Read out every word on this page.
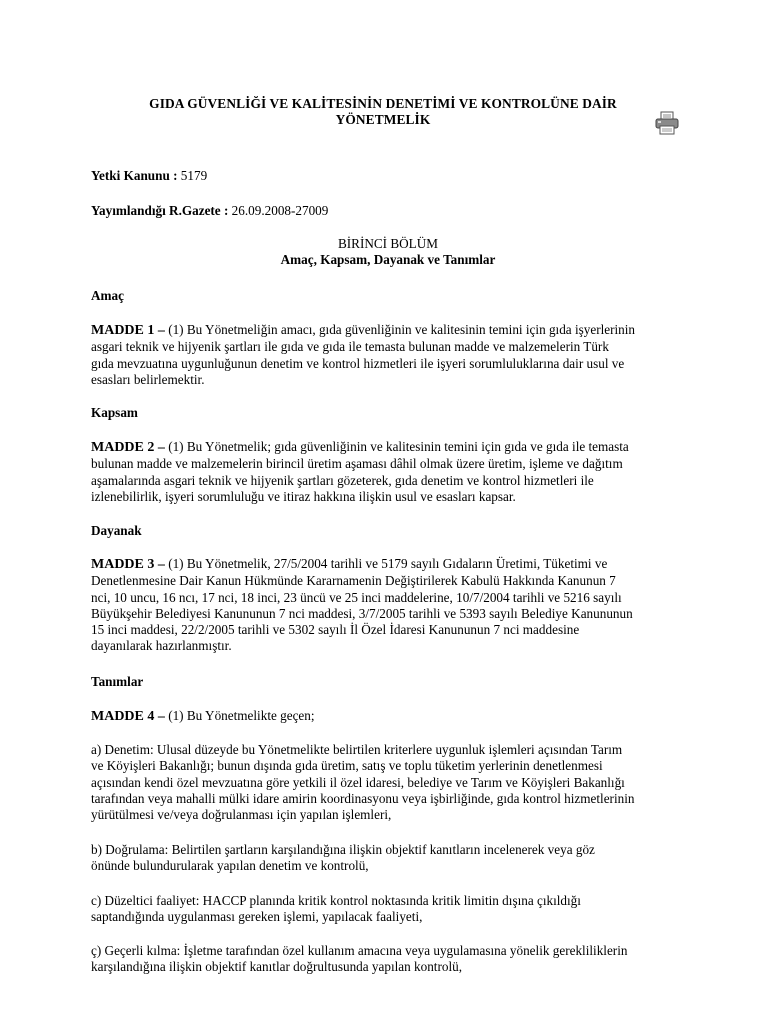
GIDA GÜVENLİĞİ VE KALİTESİNİN DENETİMİ VE KONTROLÜNE DAİR
YÖNETMELİK
Yetki Kanunu : 5179
Yayımlandığı R.Gazete : 26.09.2008-27009
BİRİNCİ BÖLÜM
Amaç, Kapsam, Dayanak ve Tanımlar
Amaç
MADDE 1 – (1) Bu Yönetmeliğin amacı, gıda güvenliğinin ve kalitesinin temini için gıda işyerlerinin
asgari teknik ve hijyenik şartları ile gıda ve gıda ile temasta bulunan madde ve malzemelerin Türk
gıda mevzuatına uygunluğunun denetim ve kontrol hizmetleri ile işyeri sorumluluklarına dair usul ve
esasları belirlemektir.
Kapsam
MADDE 2 – (1) Bu Yönetmelik; gıda güvenliğinin ve kalitesinin temini için gıda ve gıda ile temasta
bulunan madde ve malzemelerin birincil üretim aşaması dâhil olmak üzere üretim, işleme ve dağıtım
aşamalarında asgari teknik ve hijyenik şartları gözeterek, gıda denetim ve kontrol hizmetleri ile
izlenebilirlik, işyeri sorumluluğu ve itiraz hakkına ilişkin usul ve esasları kapsar.
Dayanak
MADDE 3 – (1) Bu Yönetmelik, 27/5/2004 tarihli ve 5179 sayılı Gıdaların Üretimi, Tüketimi ve
Denetlenmesine Dair Kanun Hükmünde Kararnamenin Değiştirilerek Kabulü Hakkında Kanunun 7
nci, 10 uncu, 16 ncı, 17 nci, 18 inci, 23 üncü ve 25 inci maddelerine, 10/7/2004 tarihli ve 5216 sayılı
Büyükşehir Belediyesi Kanununun 7 nci maddesi, 3/7/2005 tarihli ve 5393 sayılı Belediye Kanununun
15 inci maddesi, 22/2/2005 tarihli ve 5302 sayılı İl Özel İdaresi Kanununun 7 nci maddesine
dayanılarak hazırlanmıştır.
Tanımlar
MADDE 4 – (1) Bu Yönetmelikte geçen;
a) Denetim: Ulusal düzeyde bu Yönetmelikte belirtilen kriterlere uygunluk işlemleri açısından Tarım
ve Köyişleri Bakanlığı; bunun dışında gıda üretim, satış ve toplu tüketim yerlerinin denetlenmesi
açısından kendi özel mevzuatına göre yetkili il özel idaresi, belediye ve Tarım ve Köyişleri Bakanlığı
tarafından veya mahalli mülki idare amirin koordinasyonu veya işbirliğinde, gıda kontrol hizmetlerinin
yürütülmesi ve/veya doğrulanması için yapılan işlemleri,
b) Doğrulama: Belirtilen şartların karşılandığına ilişkin objektif kanıtların incelenerek veya göz
önünde bulundurularak yapılan denetim ve kontrolü,
c) Düzeltici faaliyet: HACCP planında kritik kontrol noktasında kritik limitin dışına çıkıldığı
saptandığında uygulanması gereken işlemi, yapılacak faaliyeti,
ç) Geçerli kılma: İşletme tarafından özel kullanım amacına veya uygulamasına yönelik gerekliliklerin
karşılandığına ilişkin objektif kanıtlar doğrultusunda yapılan kontrolü,
